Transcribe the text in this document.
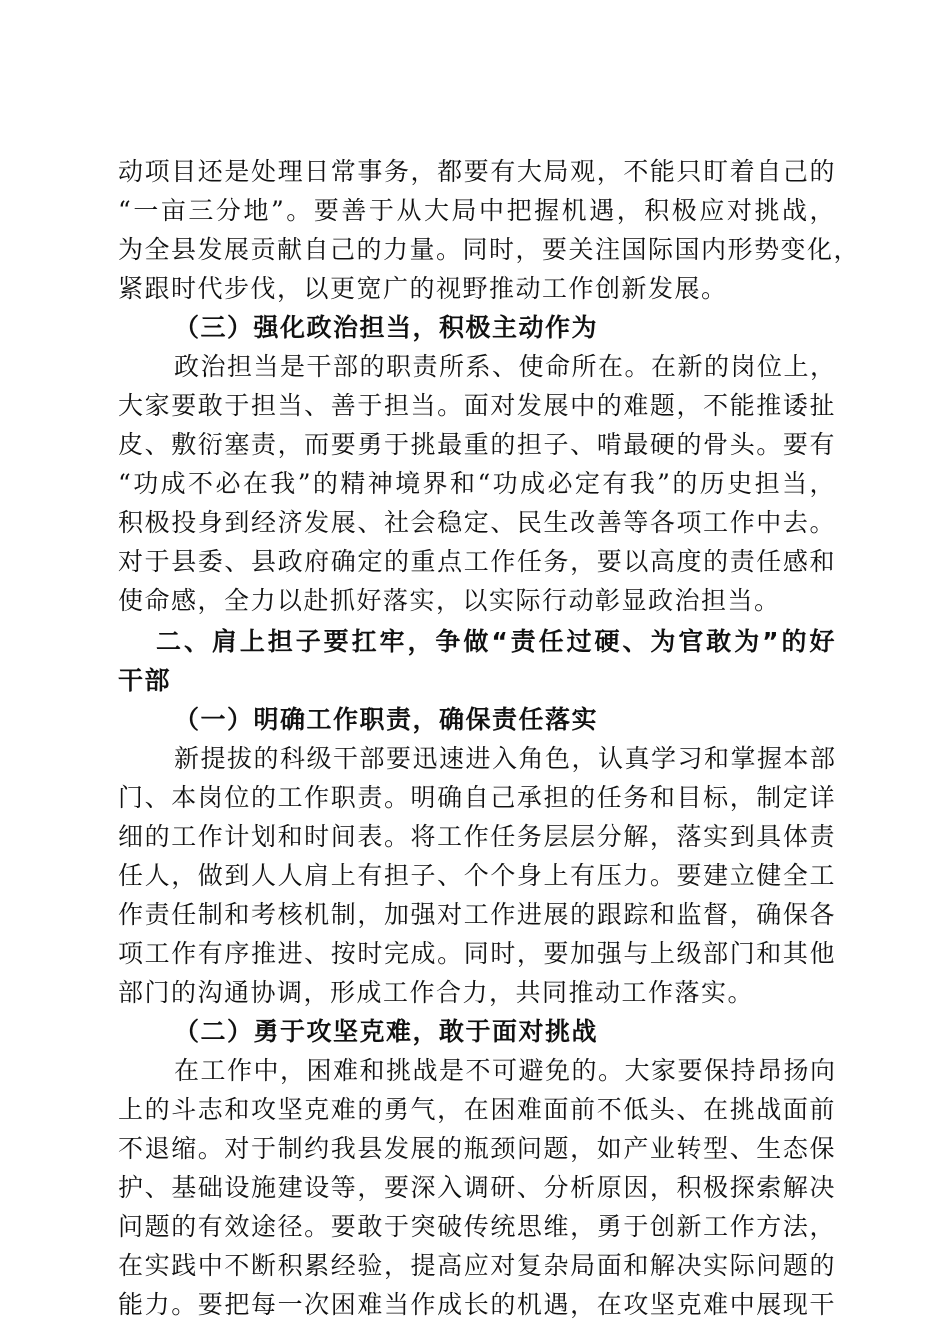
动项目还是处理日常事务，都要有大局观，不能只盯着自己的
“一亩三分地”。要善于从大局中把握机遇，积极应对挑战，
为全县发展贡献自己的力量。同时，要关注国际国内形势变化，
紧跟时代步伐，以更宽广的视野推动工作创新发展。
（三）强化政治担当，积极主动作为
政治担当是干部的职责所系、使命所在。在新的岗位上，
大家要敢于担当、善于担当。面对发展中的难题，不能推诿扯
皮、敷衍塞责，而要勇于挑最重的担子、啃最硬的骨头。要有
“功成不必在我”的精神境界和“功成必定有我”的历史担当，
积极投身到经济发展、社会稳定、民生改善等各项工作中去。
对于县委、县政府确定的重点工作任务，要以高度的责任感和
使命感，全力以赴抓好落实，以实际行动彰显政治担当。
二、肩上担子要扛牢，争做“责任过硬、为官敢为”的好
干部
（一）明确工作职责，确保责任落实
新提拔的科级干部要迅速进入角色，认真学习和掌握本部
门、本岗位的工作职责。明确自己承担的任务和目标，制定详
细的工作计划和时间表。将工作任务层层分解，落实到具体责
任人，做到人人肩上有担子、个个身上有压力。要建立健全工
作责任制和考核机制，加强对工作进展的跟踪和监督，确保各
项工作有序推进、按时完成。同时，要加强与上级部门和其他
部门的沟通协调，形成工作合力，共同推动工作落实。
（二）勇于攻坚克难，敢于面对挑战
在工作中，困难和挑战是不可避免的。大家要保持昂扬向
上的斗志和攻坚克难的勇气，在困难面前不低头、在挑战面前
不退缩。对于制约我县发展的瓶颈问题，如产业转型、生态保
护、基础设施建设等，要深入调研、分析原因，积极探索解决
问题的有效途径。要敢于突破传统思维，勇于创新工作方法，
在实践中不断积累经验，提高应对复杂局面和解决实际问题的
能力。要把每一次困难当作成长的机遇，在攻坚克难中展现干
